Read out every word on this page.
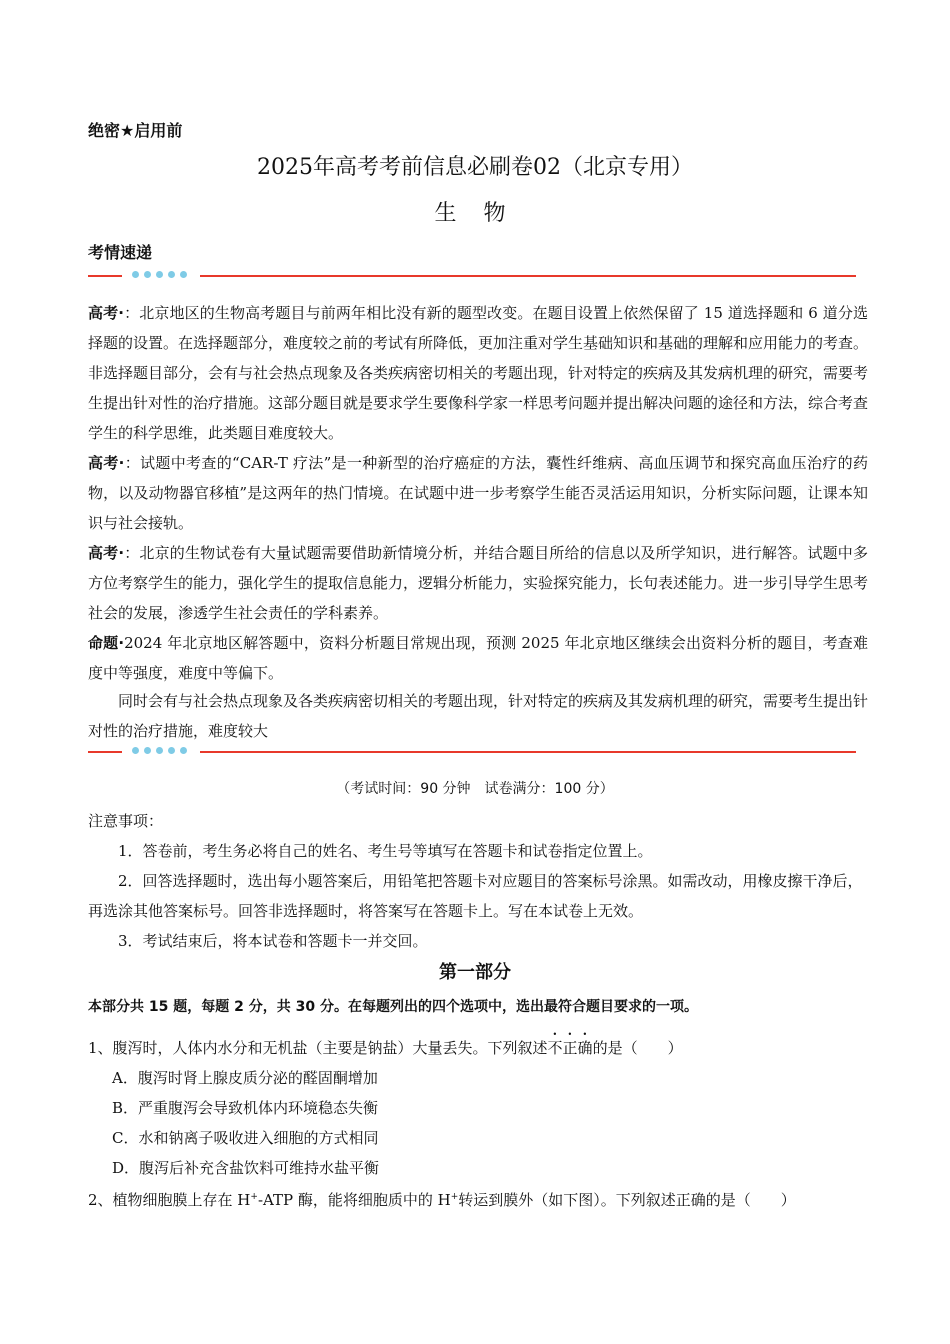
绝密★启用前
2025年高考考前信息必刷卷02（北京专用）
生 物
考情速递
高考·：北京地区的生物高考题目与前两年相比没有新的题型改变。在题目设置上依然保留了 15 道选择题和 6 道分选择题的设置。在选择题部分，难度较之前的考试有所降低，更加注重对学生基础知识和基础的理解和应用能力的考查。非选择题目部分，会有与社会热点现象及各类疾病密切相关的考题出现，针对特定的疾病及其发病机理的研究，需要考生提出针对性的治疗措施。这部分题目就是要求学生要像科学家一样思考问题并提出解决问题的途径和方法，综合考查学生的科学思维，此类题目难度较大。
高考·：试题中考查的“CAR-T 疗法”是一种新型的治疗癌症的方法，囊性纤维病、高血压调节和探究高血压治疗的药物，以及动物器官移植”是这两年的热门情境。在试题中进一步考察学生能否灵活运用知识，分析实际问题，让课本知识与社会接轨。
高考·：北京的生物试卷有大量试题需要借助新情境分析，并结合题目所给的信息以及所学知识，进行解答。试题中多方位考察学生的能力，强化学生的提取信息能力，逻辑分析能力，实验探究能力，长句表述能力。进一步引导学生思考社会的发展，渗透学生社会责任的学科素养。
命题·2024 年北京地区解答题中，资料分析题目常规出现，预测 2025 年北京地区继续会出资料分析的题目，考查难度中等强度，难度中等偏下。
同时会有与社会热点现象及各类疾病密切相关的考题出现，针对特定的疾病及其发病机理的研究，需要考生提出针对性的治疗措施，难度较大
（考试时间：90 分钟　试卷满分：100 分）
注意事项：
1．答卷前，考生务必将自己的姓名、考生号等填写在答题卡和试卷指定位置上。
2．回答选择题时，选出每小题答案后，用铅笔把答题卡对应题目的答案标号涂黑。如需改动，用橡皮擦干净后，再选涂其他答案标号。回答非选择题时，将答案写在答题卡上。写在本试卷上无效。
3．考试结束后，将本试卷和答题卡一并交回。
第一部分
本部分共 15 题，每题 2 分，共 30 分。在每题列出的四个选项中，选出最符合题目要求的一项。
1、腹泻时，人体内水分和无机盐（主要是钠盐）大量丢失。下列叙述不正确的是（　　）
A．腹泻时肾上腺皮质分泌的醛固酮增加
B．严重腹泻会导致机体内环境稳态失衡
C．水和钠离子吸收进入细胞的方式相同
D．腹泻后补充含盐饮料可维持水盐平衡
2、植物细胞膜上存在 H+-ATP 酶，能将细胞质中的 H+转运到膜外（如下图）。下列叙述正确的是（　　）
